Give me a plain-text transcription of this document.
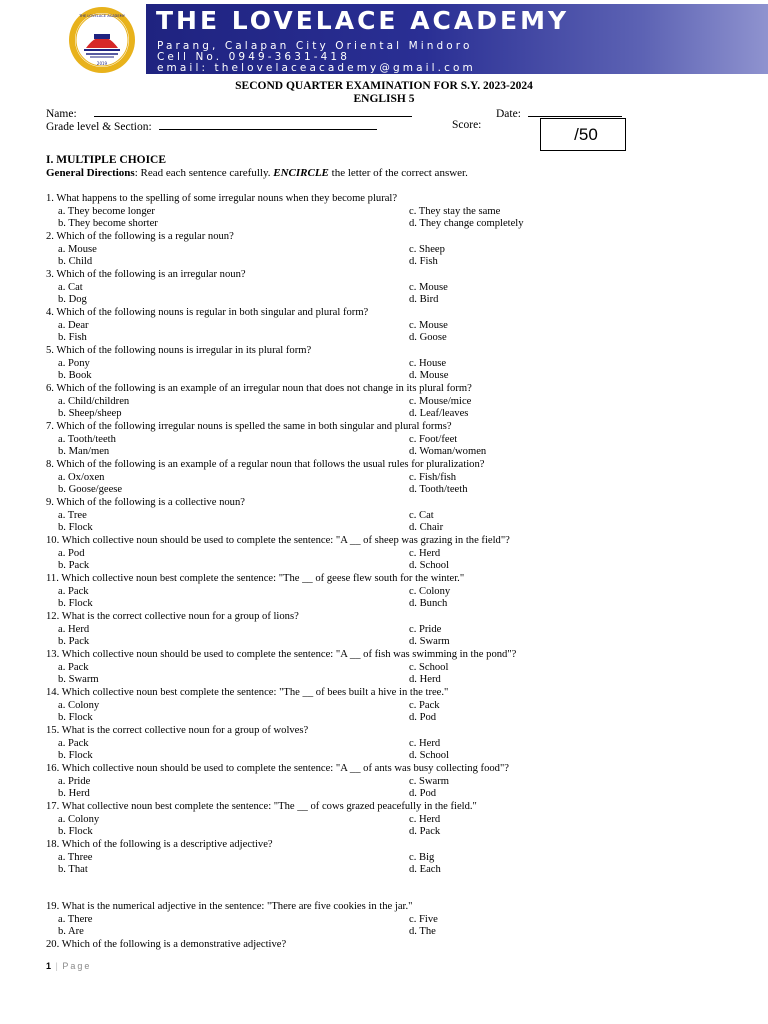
2019
THE LOVELACE ACADEMY THE LOVELACE ACADEMY
Parang, Calapan City Oriental Mindoro
Cell No. 0949-3631-418
email: thelovelaceacademy@gmail.com
SECOND QUARTER EXAMINATION FOR S.Y. 2023-2024
ENGLISH 5
Name:	Date:
Grade level & Section:	Score:	/50
I. MULTIPLE CHOICE
General Directions: Read each sentence carefully. ENCIRCLE the letter of the correct answer.
1. What happens to the spelling of some irregular nouns when they become plural?
a. They become longer	c. They stay the same
b. They become shorter	d. They change completely
2. Which of the following is a regular noun?
a. Mouse	c. Sheep
b. Child	d. Fish
3. Which of the following is an irregular noun?
a. Cat	c. Mouse
b. Dog	d. Bird
4. Which of the following nouns is regular in both singular and plural form?
a. Dear	c. Mouse
b. Fish	d. Goose
5. Which of the following nouns is irregular in its plural form?
a. Pony	c. House
b. Book	d. Mouse
6. Which of the following is an example of an irregular noun that does not change in its plural form?
a. Child/children	c. Mouse/mice
b. Sheep/sheep	d. Leaf/leaves
7. Which of the following irregular nouns is spelled the same in both singular and plural forms?
a. Tooth/teeth	c. Foot/feet
b. Man/men	d. Woman/women
8. Which of the following is an example of a regular noun that follows the usual rules for pluralization?
a. Ox/oxen	c. Fish/fish
b. Goose/geese	d. Tooth/teeth
9. Which of the following is a collective noun?
a. Tree	c. Cat
b. Flock	d. Chair
10. Which collective noun should be used to complete the sentence: "A __ of sheep was grazing in the field"?
a. Pod	c. Herd
b. Pack	d. School
11. Which collective noun best complete the sentence: "The __ of geese flew south for the winter."
a. Pack	c. Colony
b. Flock	d. Bunch
12. What is the correct collective noun for a group of lions?
a. Herd	c. Pride
b. Pack	d. Swarm
13. Which collective noun should be used to complete the sentence: "A __ of fish was swimming in the pond"?
a. Pack	c. School
b. Swarm	d. Herd
14. Which collective noun best complete the sentence: "The __ of bees built a hive in the tree."
a. Colony	c. Pack
b. Flock	d. Pod
15. What is the correct collective noun for a group of wolves?
a. Pack	c. Herd
b. Flock	d. School
16. Which collective noun should be used to complete the sentence: "A __ of ants was busy collecting food"?
a. Pride	c. Swarm
b. Herd	d. Pod
17. What collective noun best complete the sentence: "The __ of cows grazed peacefully in the field."
a. Colony	c. Herd
b. Flock	d. Pack
18. Which of the following is a descriptive adjective?
a. Three	c. Big
b. That	d. Each
19. What is the numerical adjective in the sentence: "There are five cookies in the jar."
a. There	c. Five
b. Are	d. The
20. Which of the following is a demonstrative adjective?
1 | Page
